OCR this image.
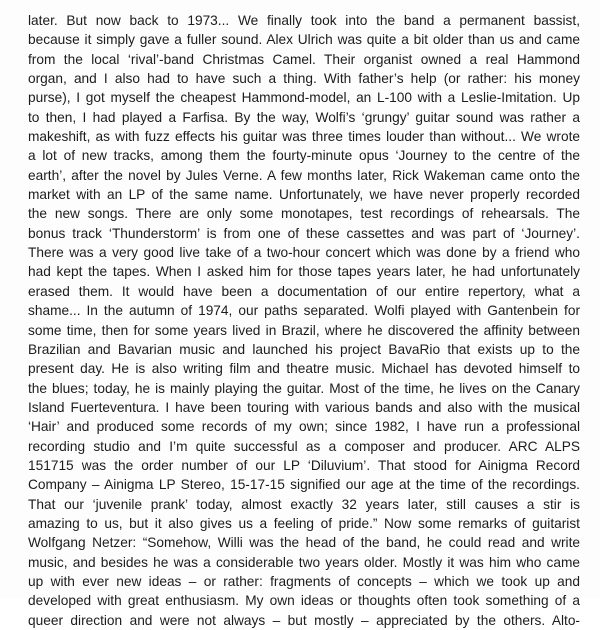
later. But now back to 1973... We finally took into the band a permanent bassist,
because it simply gave a fuller sound. Alex Ulrich was quite a bit older than us and came
from the local ‘rival’-band Christmas Camel. Their organist owned a real Hammond
organ, and I also had to have such a thing. With father’s help (or rather: his money
purse), I got myself the cheapest Hammond-model, an L-100 with a Leslie-Imitation. Up
to then, I had played a Farfisa. By the way, Wolfi’s ‘grungy’ guitar sound was rather a
makeshift, as with fuzz effects his guitar was three times louder than without... We wrote
a lot of new tracks, among them the fourty-minute opus ‘Journey to the centre of the
earth’, after the novel by Jules Verne. A few months later, Rick Wakeman came onto the
market with an LP of the same name. Unfortunately, we have never properly recorded
the new songs. There are only some monotapes, test recordings of rehearsals. The
bonus track ‘Thunderstorm’ is from one of these cassettes and was part of ‘Journey’.
There was a very good live take of a two-hour concert which was done by a friend who
had kept the tapes. When I asked him for those tapes years later, he had unfortunately
erased them. It would have been a documentation of our entire repertory, what a
shame... In the autumn of 1974, our paths separated. Wolfi played with Gantenbein for
some time, then for some years lived in Brazil, where he discovered the affinity between
Brazilian and Bavarian music and launched his project BavaRio that exists up to the
present day. He is also writing film and theatre music. Michael has devoted himself to
the blues; today, he is mainly playing the guitar. Most of the time, he lives on the Canary
Island Fuerteventura. I have been touring with various bands and also with the musical
‘Hair’ and produced some records of my own; since 1982, I have run a professional
recording studio and I’m quite successful as a composer and producer. ARC ALPS
151715 was the order number of our LP ‘Diluvium’. That stood for Ainigma Record
Company – Ainigma LP Stereo, 15-17-15 signified our age at the time of the recordings.
That our ‘juvenile prank’ today, almost exactly 32 years later, still causes a stir is
amazing to us, but it also gives us a feeling of pride.” Now some remarks of guitarist
Wolfgang Netzer: “Somehow, Willi was the head of the band, he could read and write
music, and besides he was a considerable two years older. Mostly it was him who came
up with ever new ideas – or rather: fragments of concepts – which we took up and
developed with great enthusiasm. My own ideas or thoughts often took something of a
queer direction and were not always – but mostly – appreciated by the others. Alto-
